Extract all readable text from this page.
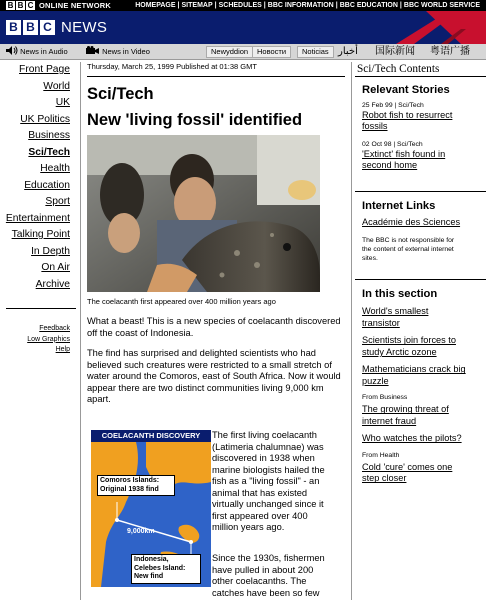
B B C ONLINE NETWORK	HOMEPAGE | SITEMAP | SCHEDULES | BBC INFORMATION | BBC EDUCATION | BBC WORLD SERVICE
B B C NEWS
News in Audio	News in Video	Newyddion	Новости	Noticias أخبار 国际新闻 粤语广播
Front Page
World
UK
UK Politics
Business
Sci/Tech
Health
Education
Sport
Entertainment
Talking Point
In Depth
On Air
Archive
Feedback
Low Graphics
Help
Thursday, March 25, 1999 Published at 01:38 GMT
Sci/Tech
New 'living fossil' identified
The coelacanth first appeared over 400 million years ago
What a beast! This is a new species of coelacanth discovered off the coast of Indonesia.
The find has surprised and delighted scientists who had believed such creatures were restricted to a small stretch of water around the Comoros, east of South Africa. Now it would appear there are two distinct communities living 9,000 km apart.
COELACANTH DISCOVERY
Comoros Islands:
Original 1938 find
9,000km
Indonesia,
Celebes Island:
New find
The first living coelacanth
(Latimeria chalumnae) was
discovered in 1938 when
marine biologists hailed the
fish as a "living fossil" - an
animal that has existed
virtually unchanged since it
first appeared over 400
million years ago.
Since the 1930s, fishermen
have pulled in about 200
other coelacanths. The
catches have been so few
Sci/Tech Contents
Relevant Stories
25 Feb 99 | Sci/Tech
Robot fish to resurrect
fossils
02 Oct 98 | Sci/Tech
'Extinct' fish found in
second home
Internet Links
Académie des Sciences
The BBC is not responsible for
the content of external internet
sites.
In this section
World's smallest
transistor
Scientists join forces to
study Arctic ozone
Mathematicians crack big
puzzle
From Business
The growing threat of
internet fraud
Who watches the pilots?
From Health
Cold 'cure' comes one
step closer
